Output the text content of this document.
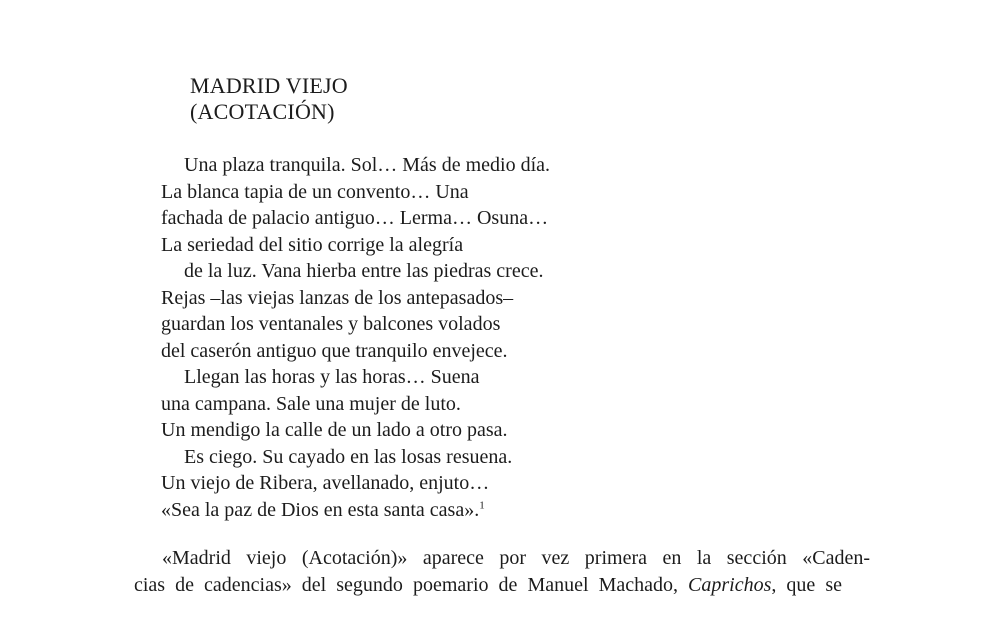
MADRID VIEJO
(ACOTACIÓN)
Una plaza tranquila. Sol… Más de medio día.
La blanca tapia de un convento… Una
fachada de palacio antiguo… Lerma… Osuna…
La seriedad del sitio corrige la alegría
de la luz. Vana hierba entre las piedras crece.
Rejas –las viejas lanzas de los antepasados–
guardan los ventanales y balcones volados
del caserón antiguo que tranquilo envejece.
Llegan las horas y las horas… Suena
una campana. Sale una mujer de luto.
Un mendigo la calle de un lado a otro pasa.
Es ciego. Su cayado en las losas resuena.
Un viejo de Ribera, avellanado, enjuto…
«Sea la paz de Dios en esta santa casa».$^1$
«Madrid viejo (Acotación)» aparece por vez primera en la sección «Caden-
cias de cadencias» del segundo poemario de Manuel Machado, Caprichos, que se
